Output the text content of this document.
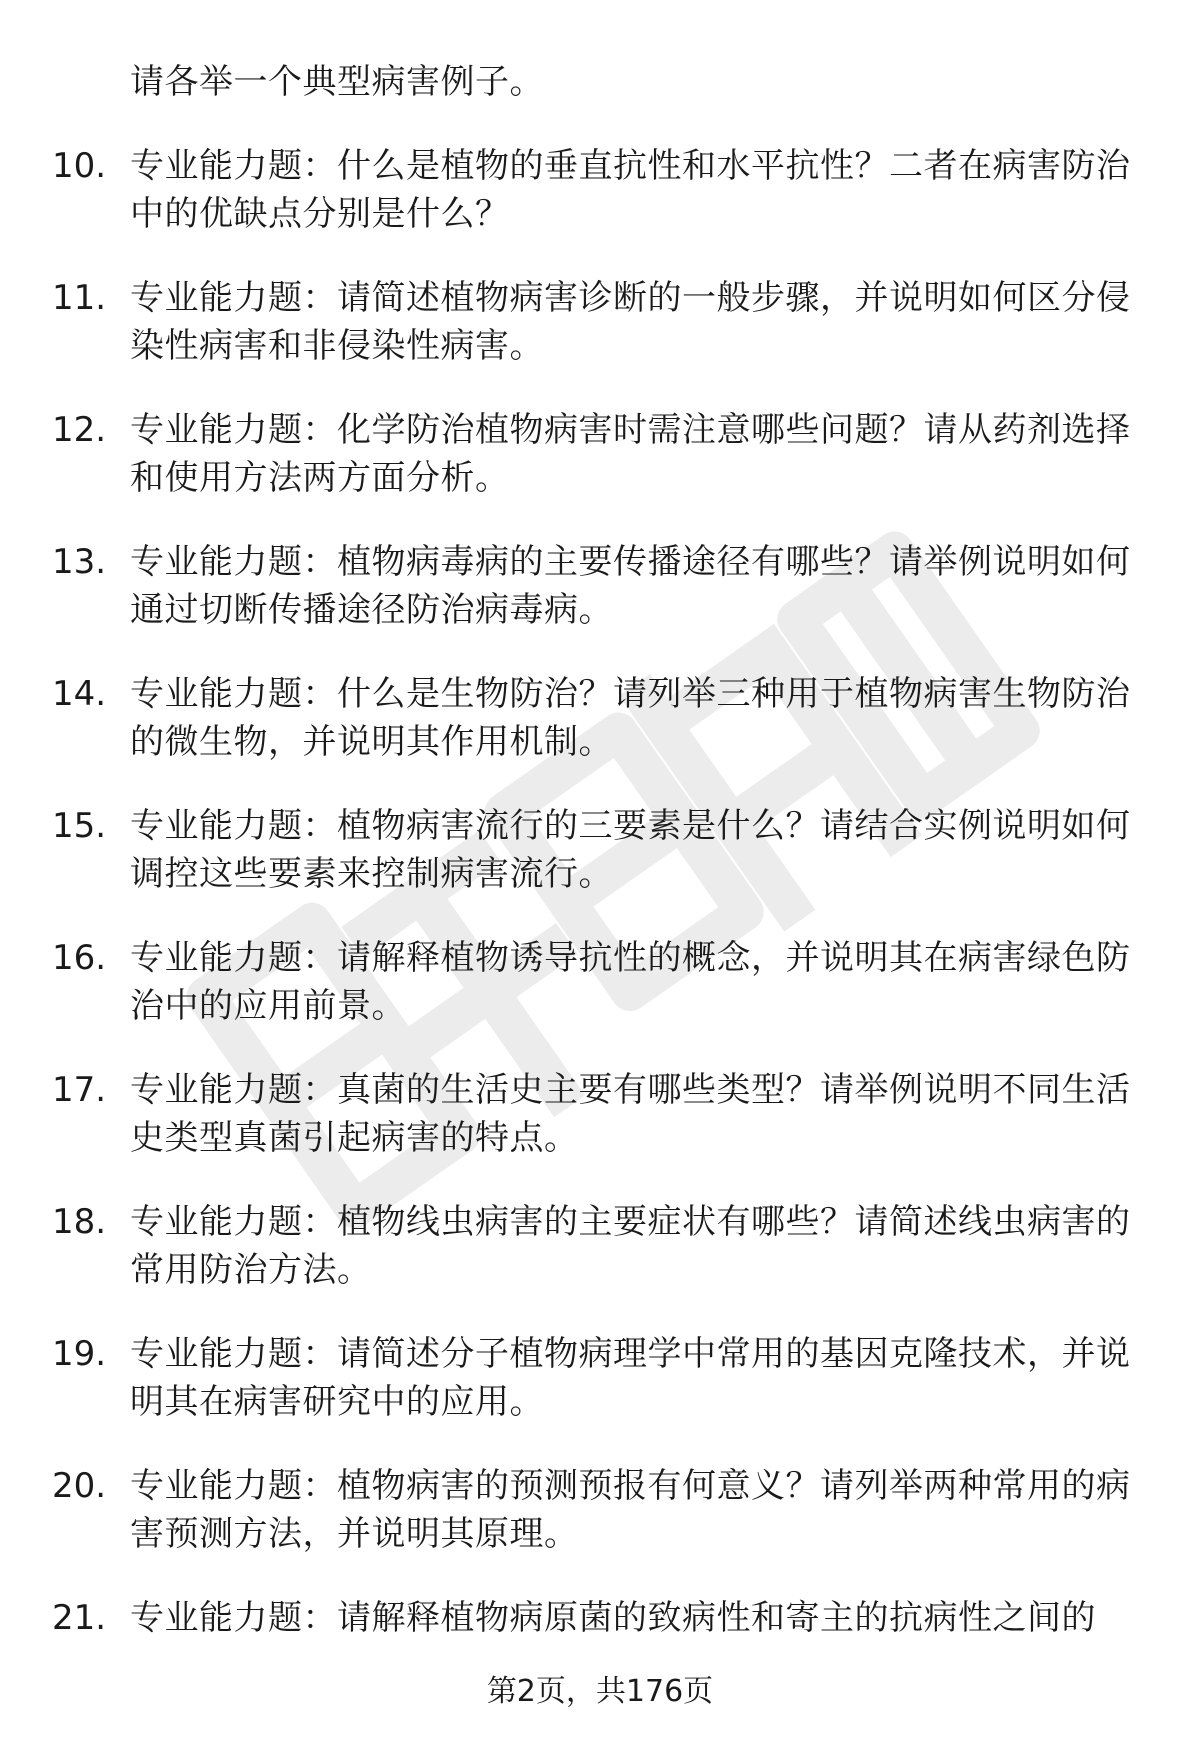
请各举一个典型病害例子。

10. 专业能力题：什么是植物的垂直抗性和水平抗性？二者在病害防治中的优缺点分别是什么？
11. 专业能力题：请简述植物病害诊断的一般步骤，并说明如何区分侵染性病害和非侵染性病害。
12. 专业能力题：化学防治植物病害时需注意哪些问题？请从药剂选择和使用方法两方面分析。
13. 专业能力题：植物病毒病的主要传播途径有哪些？请举例说明如何通过切断传播途径防治病毒病。
14. 专业能力题：什么是生物防治？请列举三种用于植物病害生物防治的微生物，并说明其作用机制。
15. 专业能力题：植物病害流行的三要素是什么？请结合实例说明如何调控这些要素来控制病害流行。
16. 专业能力题：请解释植物诱导抗性的概念，并说明其在病害绿色防治中的应用前景。
17. 专业能力题：真菌的生活史主要有哪些类型？请举例说明不同生活史类型真菌引起病害的特点。
18. 专业能力题：植物线虫病害的主要症状有哪些？请简述线虫病害的常用防治方法。
19. 专业能力题：请简述分子植物病理学中常用的基因克隆技术，并说明其在病害研究中的应用。
20. 专业能力题：植物病害的预测预报有何意义？请列举两种常用的病害预测方法，并说明其原理。
21. 专业能力题：请解释植物病原菌的致病性和寄主的抗病性之间的
第2页，共176页
